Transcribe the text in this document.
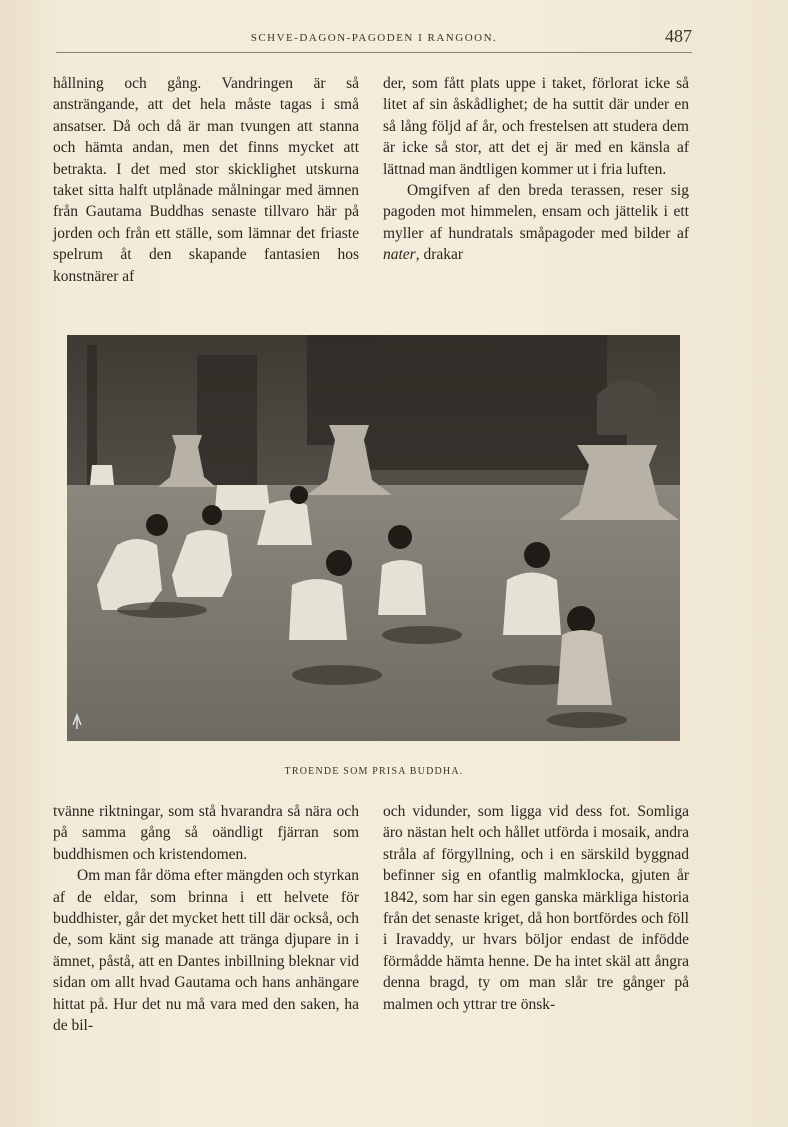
SCHVE-DAGON-PAGODEN I RANGOON.	487

hållning och gång. Vandringen är så ansträngande, att det hela måste tagas i små ansatser. Då och då är man tvungen att stanna och hämta andan, men det finns mycket att betrakta. I det med stor skicklighet utskurna taket sitta halft utplånade målningar med ämnen från Gautama Buddhas senaste tillvaro här på jorden och från ett ställe, som lämnar det friaste spelrum åt den skapande fantasien hos konstnärer af

der, som fått plats uppe i taket, förlorat icke så litet af sin åskådlighet; de ha suttit där under en så lång följd af år, och frestelsen att studera dem är icke så stor, att det ej är med en känsla af lättnad man ändtligen kommer ut i fria luften.

Omgifven af den breda terassen, reser sig pagoden mot himmelen, ensam och jättelik i ett myller af hundratals småpagoder med bilder af nater, drakar

TROENDE SOM PRISA BUDDHA.

tvänne riktningar, som stå hvarandra så nära och på samma gång så oändligt fjärran som buddhismen och kristendomen.

Om man får döma efter mängden och styrkan af de eldar, som brinna i ett helvete för buddhister, går det mycket hett till där också, och de, som känt sig manade att tränga djupare in i ämnet, påstå, att en Dantes inbillning bleknar vid sidan om allt hvad Gautama och hans anhängare hittat på. Hur det nu må vara med den saken, ha de bil-

och vidunder, som ligga vid dess fot. Somliga äro nästan helt och hållet utförda i mosaik, andra stråla af förgyllning, och i en särskild byggnad befinner sig en ofantlig malmklocka, gjuten år 1842, som har sin egen ganska märkliga historia från det senaste kriget, då hon bortfördes och föll i Iravaddy, ur hvars böljor endast de infödde förmådde hämta henne. De ha intet skäl att ångra denna bragd, ty om man slår tre gånger på malmen och yttrar tre önsk-
